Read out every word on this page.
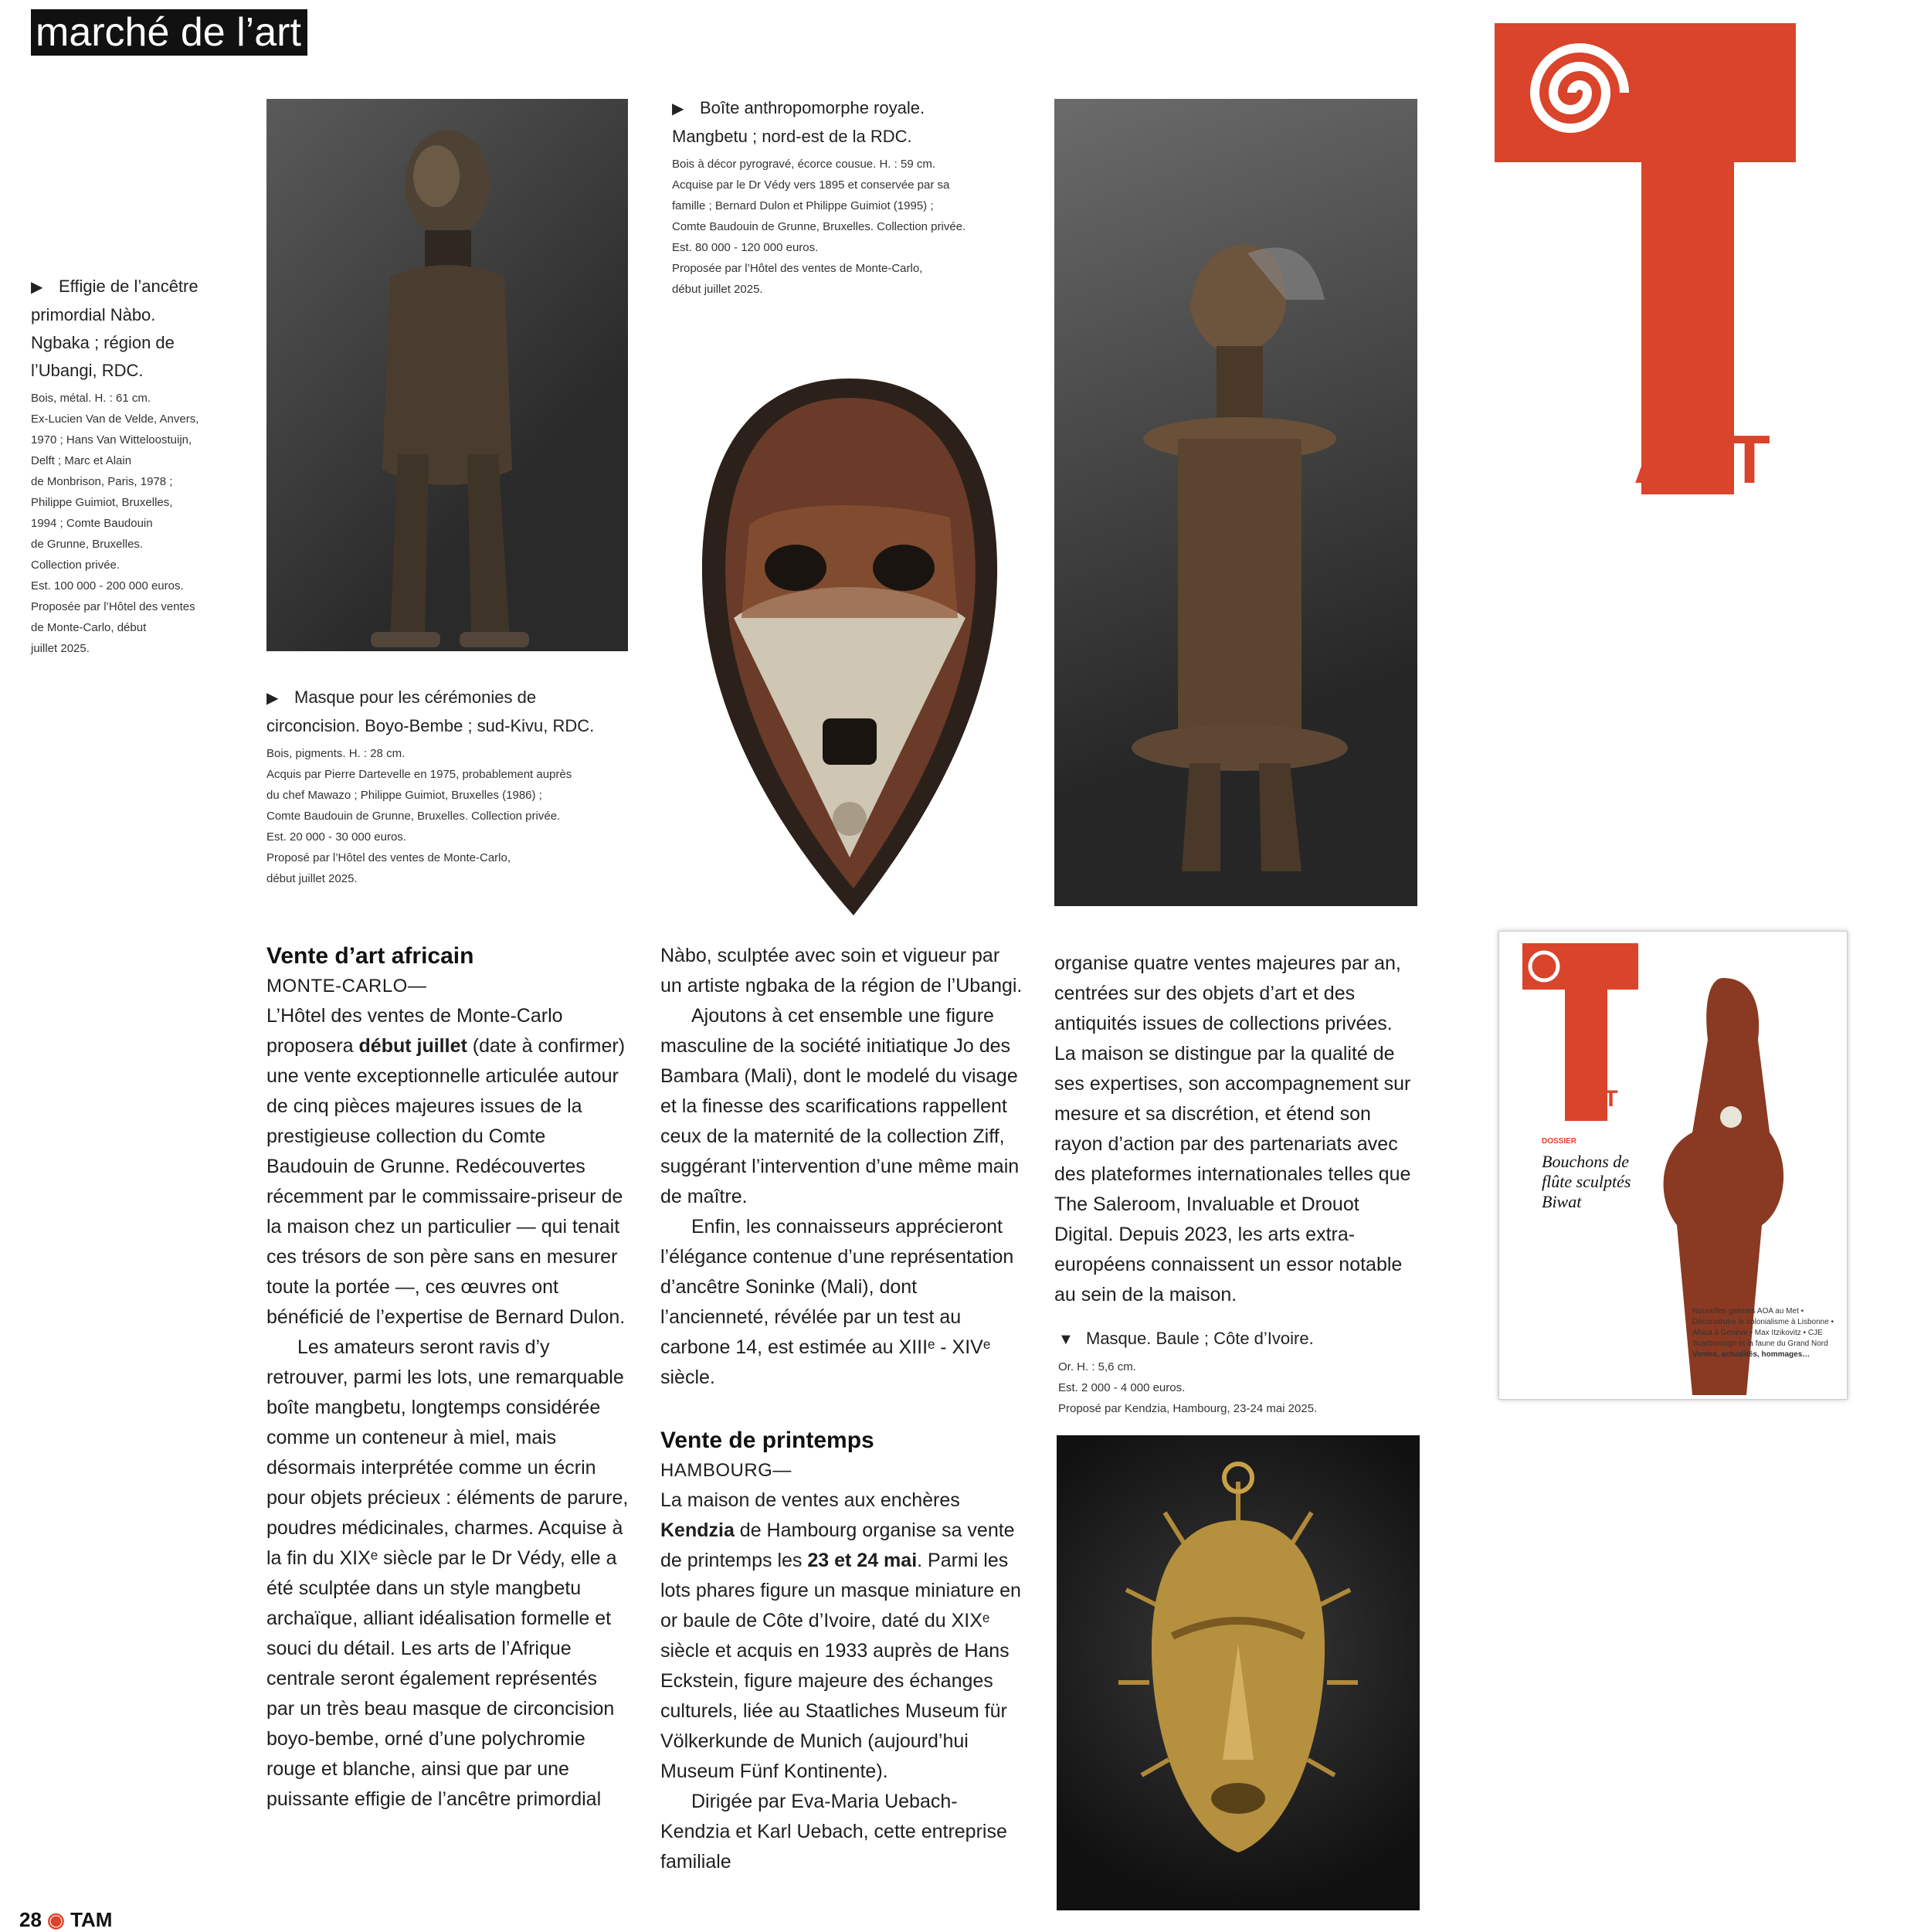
marché de l’art
▶ Effigie de l’ancêtre
primordial Nàbo.
Ngbaka ; région de
l’Ubangi, RDC.
Bois, métal. H. : 61 cm.
Ex-Lucien Van de Velde, Anvers,
1970 ; Hans Van Witteloostuijn,
Delft ; Marc et Alain
de Monbrison, Paris, 1978 ;
Philippe Guimiot, Bruxelles,
1994 ; Comte Baudouin
de Grunne, Bruxelles.
Collection privée.
Est. 100 000 - 200 000 euros.
Proposée par l’Hôtel des ventes
de Monte-Carlo, début
juillet 2025.
▶ Boîte anthropomorphe royale.
Mangbetu ; nord-est de la RDC.
Bois à décor pyrogravé, écorce cousue. H. : 59 cm.
Acquise par le Dr Védy vers 1895 et conservée par sa
famille ; Bernard Dulon et Philippe Guimiot (1995) ;
Comte Baudouin de Grunne, Bruxelles. Collection privée.
Est. 80 000 - 120 000 euros.
Proposée par l’Hôtel des ventes de Monte-Carlo,
début juillet 2025.
▶ Masque pour les cérémonies de
circoncision. Boyo-Bembe ; sud-Kivu, RDC.
Bois, pigments. H. : 28 cm.
Acquis par Pierre Dartevelle en 1975, probablement auprès
du chef Mawazo ; Philippe Guimiot, Bruxelles (1986) ;
Comte Baudouin de Grunne, Bruxelles. Collection privée.
Est. 20 000 - 30 000 euros.
Proposé par l’Hôtel des ventes de Monte-Carlo,
début juillet 2025.
TRIBAL
ART
Vente d’art africain
MONTE-CARLO—

L’Hôtel des ventes de Monte-Carlo proposera début juillet (date à confirmer) une vente exceptionnelle articulée autour de cinq pièces majeures issues de la prestigieuse collection du Comte Baudouin de Grunne. Redécouvertes récemment par le commissaire-priseur de la maison chez un particulier — qui tenait ces trésors de son père sans en mesurer toute la portée —, ces œuvres ont bénéficié de l’expertise de Bernard Dulon.

Les amateurs seront ravis d’y retrouver, parmi les lots, une remarquable boîte mangbetu, longtemps considérée comme un conteneur à miel, mais désormais interprétée comme un écrin pour objets précieux : éléments de parure, poudres médicinales, charmes. Acquise à la fin du XIXᵉ siècle par le Dr Védy, elle a été sculptée dans un style mangbetu archaïque, alliant idéalisation formelle et souci du détail. Les arts de l’Afrique centrale seront également représentés par un très beau masque de circoncision boyo-bembe, orné d’une polychromie rouge et blanche, ainsi que par une puissante effigie de l’ancêtre primordial

Nàbo, sculptée avec soin et vigueur par un artiste ngbaka de la région de l’Ubangi.

Ajoutons à cet ensemble une figure masculine de la société initiatique Jo des Bambara (Mali), dont le modelé du visage et la finesse des scarifications rappellent ceux de la maternité de la collection Ziff, suggérant l’intervention d’une même main de maître.

Enfin, les connaisseurs apprécieront l’élégance contenue d’une représentation d’ancêtre Soninke (Mali), dont l’ancienneté, révélée par un test au carbone 14, est estimée au XIIIᵉ - XIVᵉ siècle.

Vente de printemps
HAMBOURG—

La maison de ventes aux enchères Kendzia de Hambourg organise sa vente de printemps les 23 et 24 mai. Parmi les lots phares figure un masque miniature en or baule de Côte d’Ivoire, daté du XIXᵉ siècle et acquis en 1933 auprès de Hans Eckstein, figure majeure des échanges culturels, liée au Staatliches Museum für Völkerkunde de Munich (aujourd’hui Museum Fünf Kontinente).

Dirigée par Eva-Maria Uebach-Kendzia et Karl Uebach, cette entreprise familiale

organise quatre ventes majeures par an, centrées sur des objets d’art et des antiquités issues de collections privées. La maison se distingue par la qualité de ses expertises, son accompagnement sur mesure et sa discrétion, et étend son rayon d’action par des partenariats avec des plateformes internationales telles que The Saleroom, Invaluable et Drouot Digital. Depuis 2023, les arts extra-européens connaissent un essor notable au sein de la maison.

▼ Masque. Baule ; Côte d’Ivoire.
Or. H. : 5,6 cm.
Est. 2 000 - 4 000 euros.
Proposé par Kendzia, Hambourg, 23-24 mai 2025.
ART
DOSSIER
Bouchons de flûte sculptés Biwat
Nouvelles galeries AOA au Met • Déconstruire le colonialisme à Lisbonne • Africa à Genève • Max Itzikovitz • CJE Scarborough et la faune du Grand Nord
Ventes, actualités, hommages…
28 ◉ TAM
